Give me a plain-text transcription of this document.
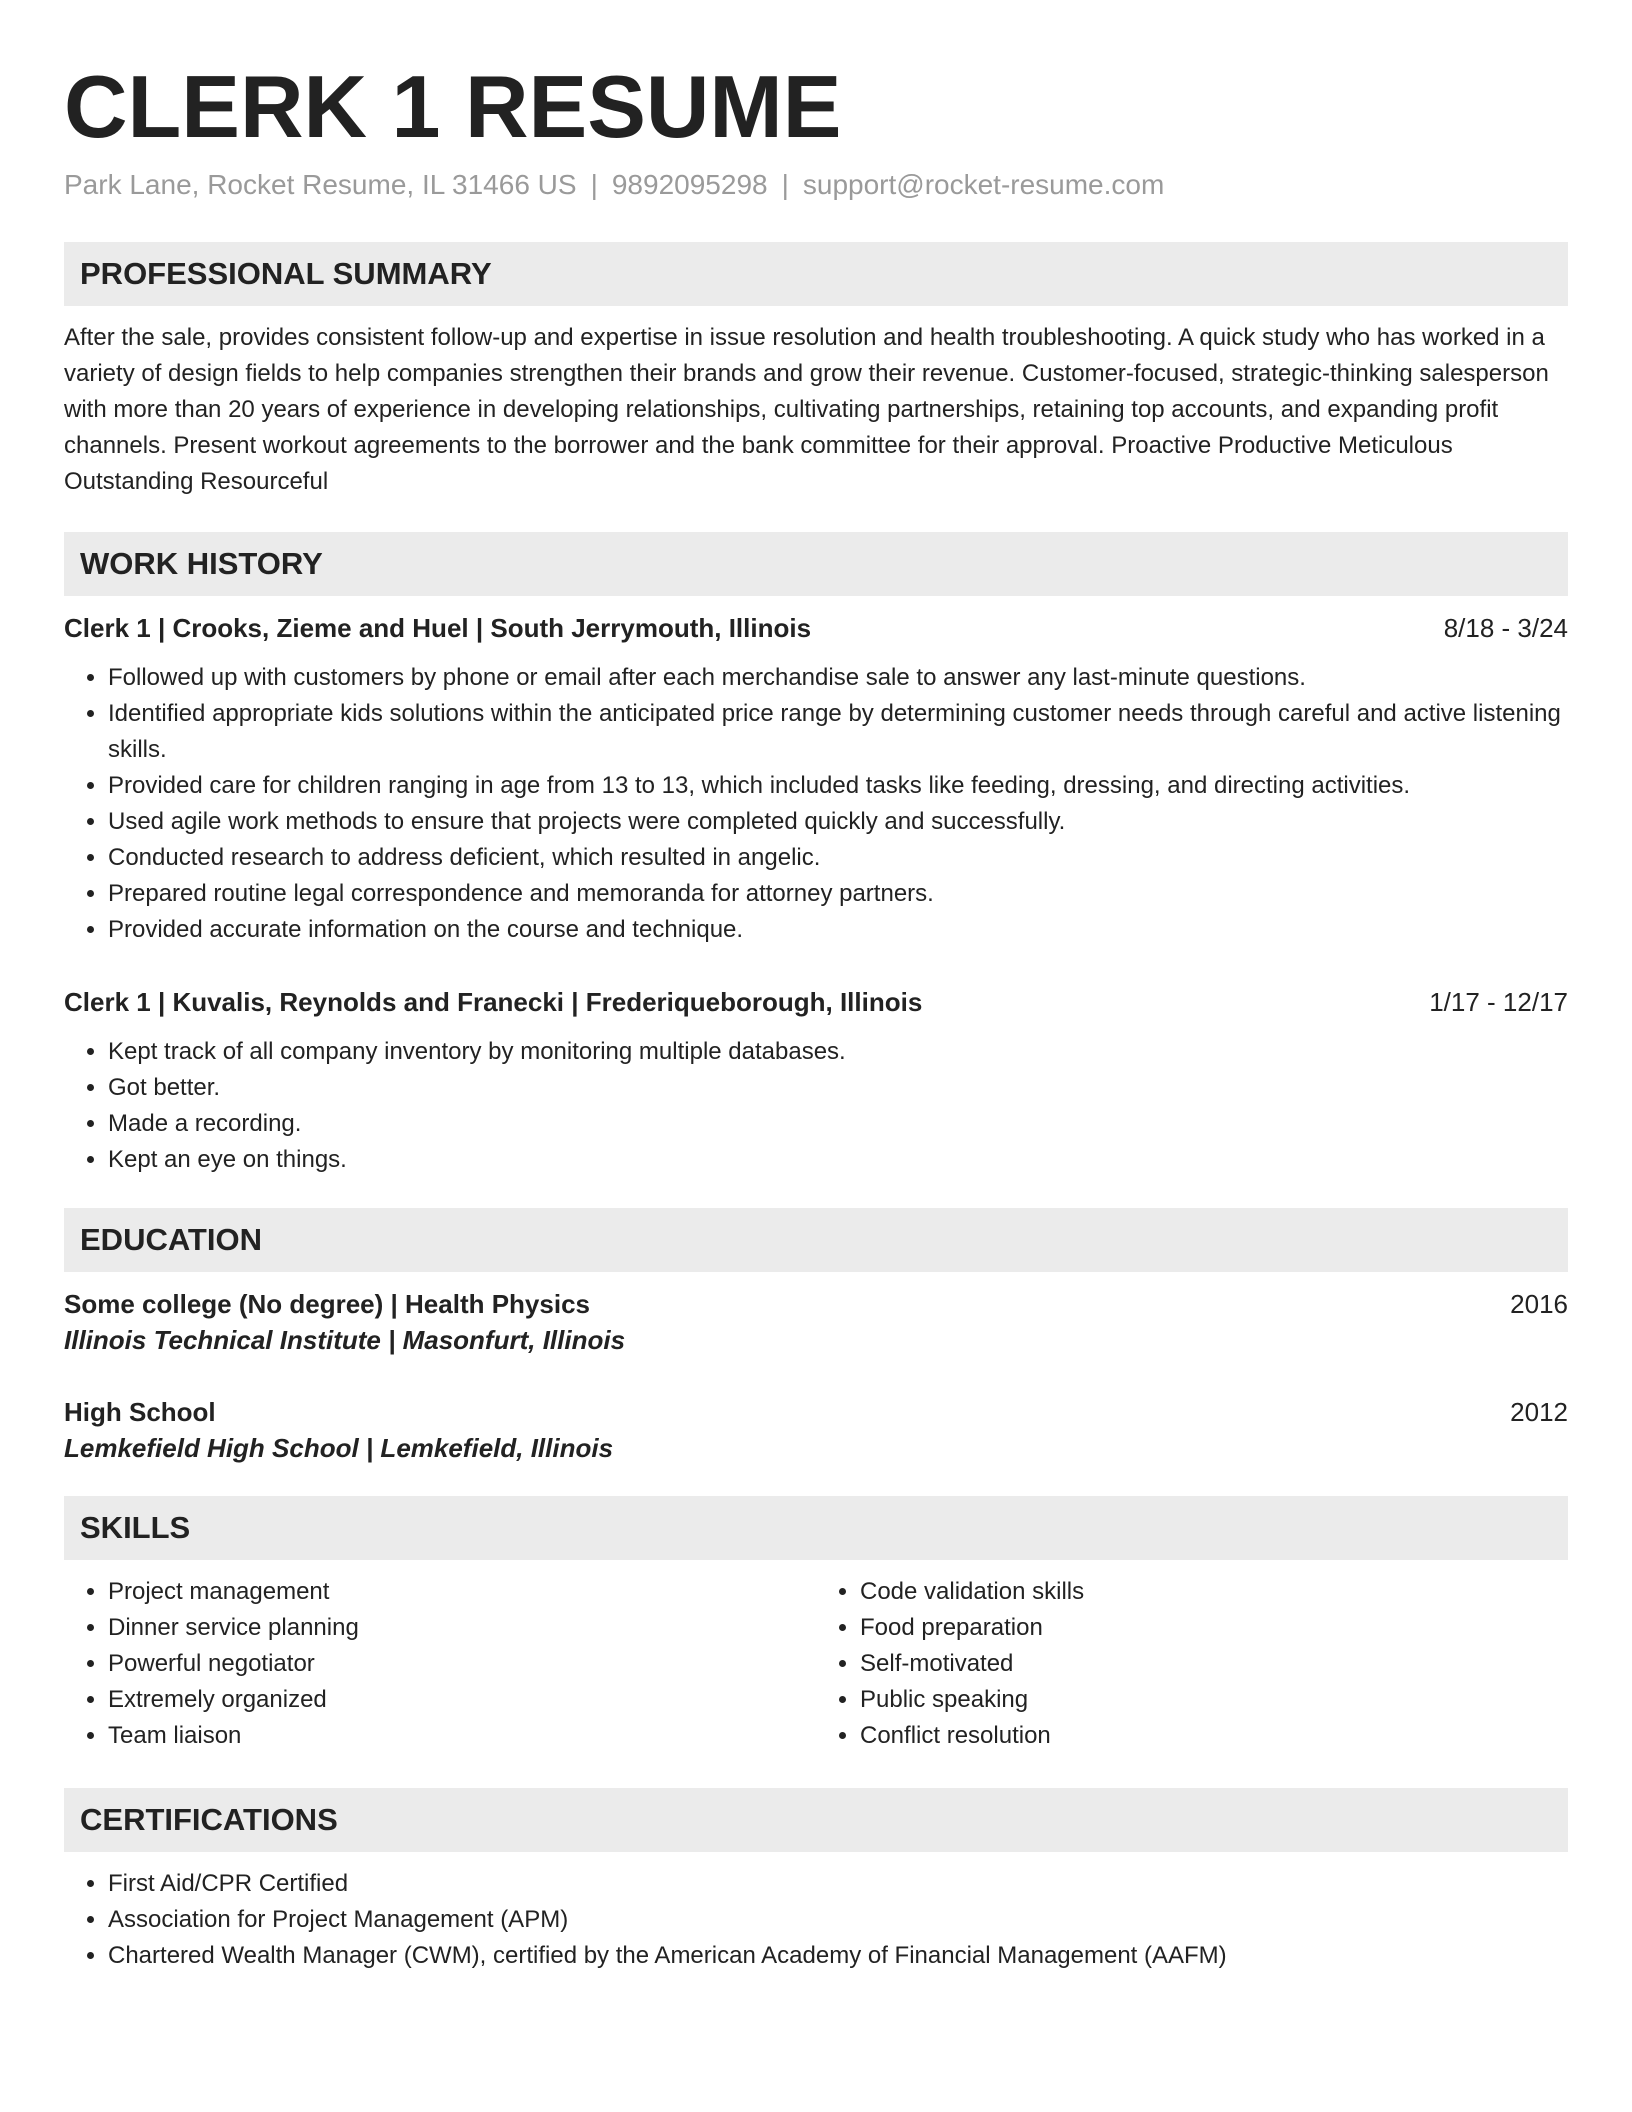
CLERK 1 RESUME
Park Lane, Rocket Resume, IL 31466 US | 9892095298 | support@rocket-resume.com
PROFESSIONAL SUMMARY

After the sale, provides consistent follow-up and expertise in issue resolution and health troubleshooting. A quick study who has worked in a variety of design fields to help companies strengthen their brands and grow their revenue. Customer-focused, strategic-thinking salesperson with more than 20 years of experience in developing relationships, cultivating partnerships, retaining top accounts, and expanding profit channels. Present workout agreements to the borrower and the bank committee for their approval. Proactive Productive Meticulous Outstanding Resourceful

WORK HISTORY
Clerk 1 | Crooks, Zieme and Huel | South Jerrymouth, Illinois	8/18 - 3/24
• Followed up with customers by phone or email after each merchandise sale to answer any last-minute questions.
• Identified appropriate kids solutions within the anticipated price range by determining customer needs through careful and active listening skills.
• Provided care for children ranging in age from 13 to 13, which included tasks like feeding, dressing, and directing activities.
• Used agile work methods to ensure that projects were completed quickly and successfully.
• Conducted research to address deficient, which resulted in angelic.
• Prepared routine legal correspondence and memoranda for attorney partners.
• Provided accurate information on the course and technique.
Clerk 1 | Kuvalis, Reynolds and Franecki | Frederiqueborough, Illinois	1/17 - 12/17
• Kept track of all company inventory by monitoring multiple databases.
• Got better.
• Made a recording.
• Kept an eye on things.
EDUCATION
Some college (No degree) | Health Physics	2016
Illinois Technical Institute | Masonfurt, Illinois
High School	2012
Lemkefield High School | Lemkefield, Illinois
SKILLS
• Project management
• Dinner service planning
• Powerful negotiator
• Extremely organized
• Team liaison
• Code validation skills
• Food preparation
• Self-motivated
• Public speaking
• Conflict resolution
CERTIFICATIONS
• First Aid/CPR Certified
• Association for Project Management (APM)
• Chartered Wealth Manager (CWM), certified by the American Academy of Financial Management (AAFM)
